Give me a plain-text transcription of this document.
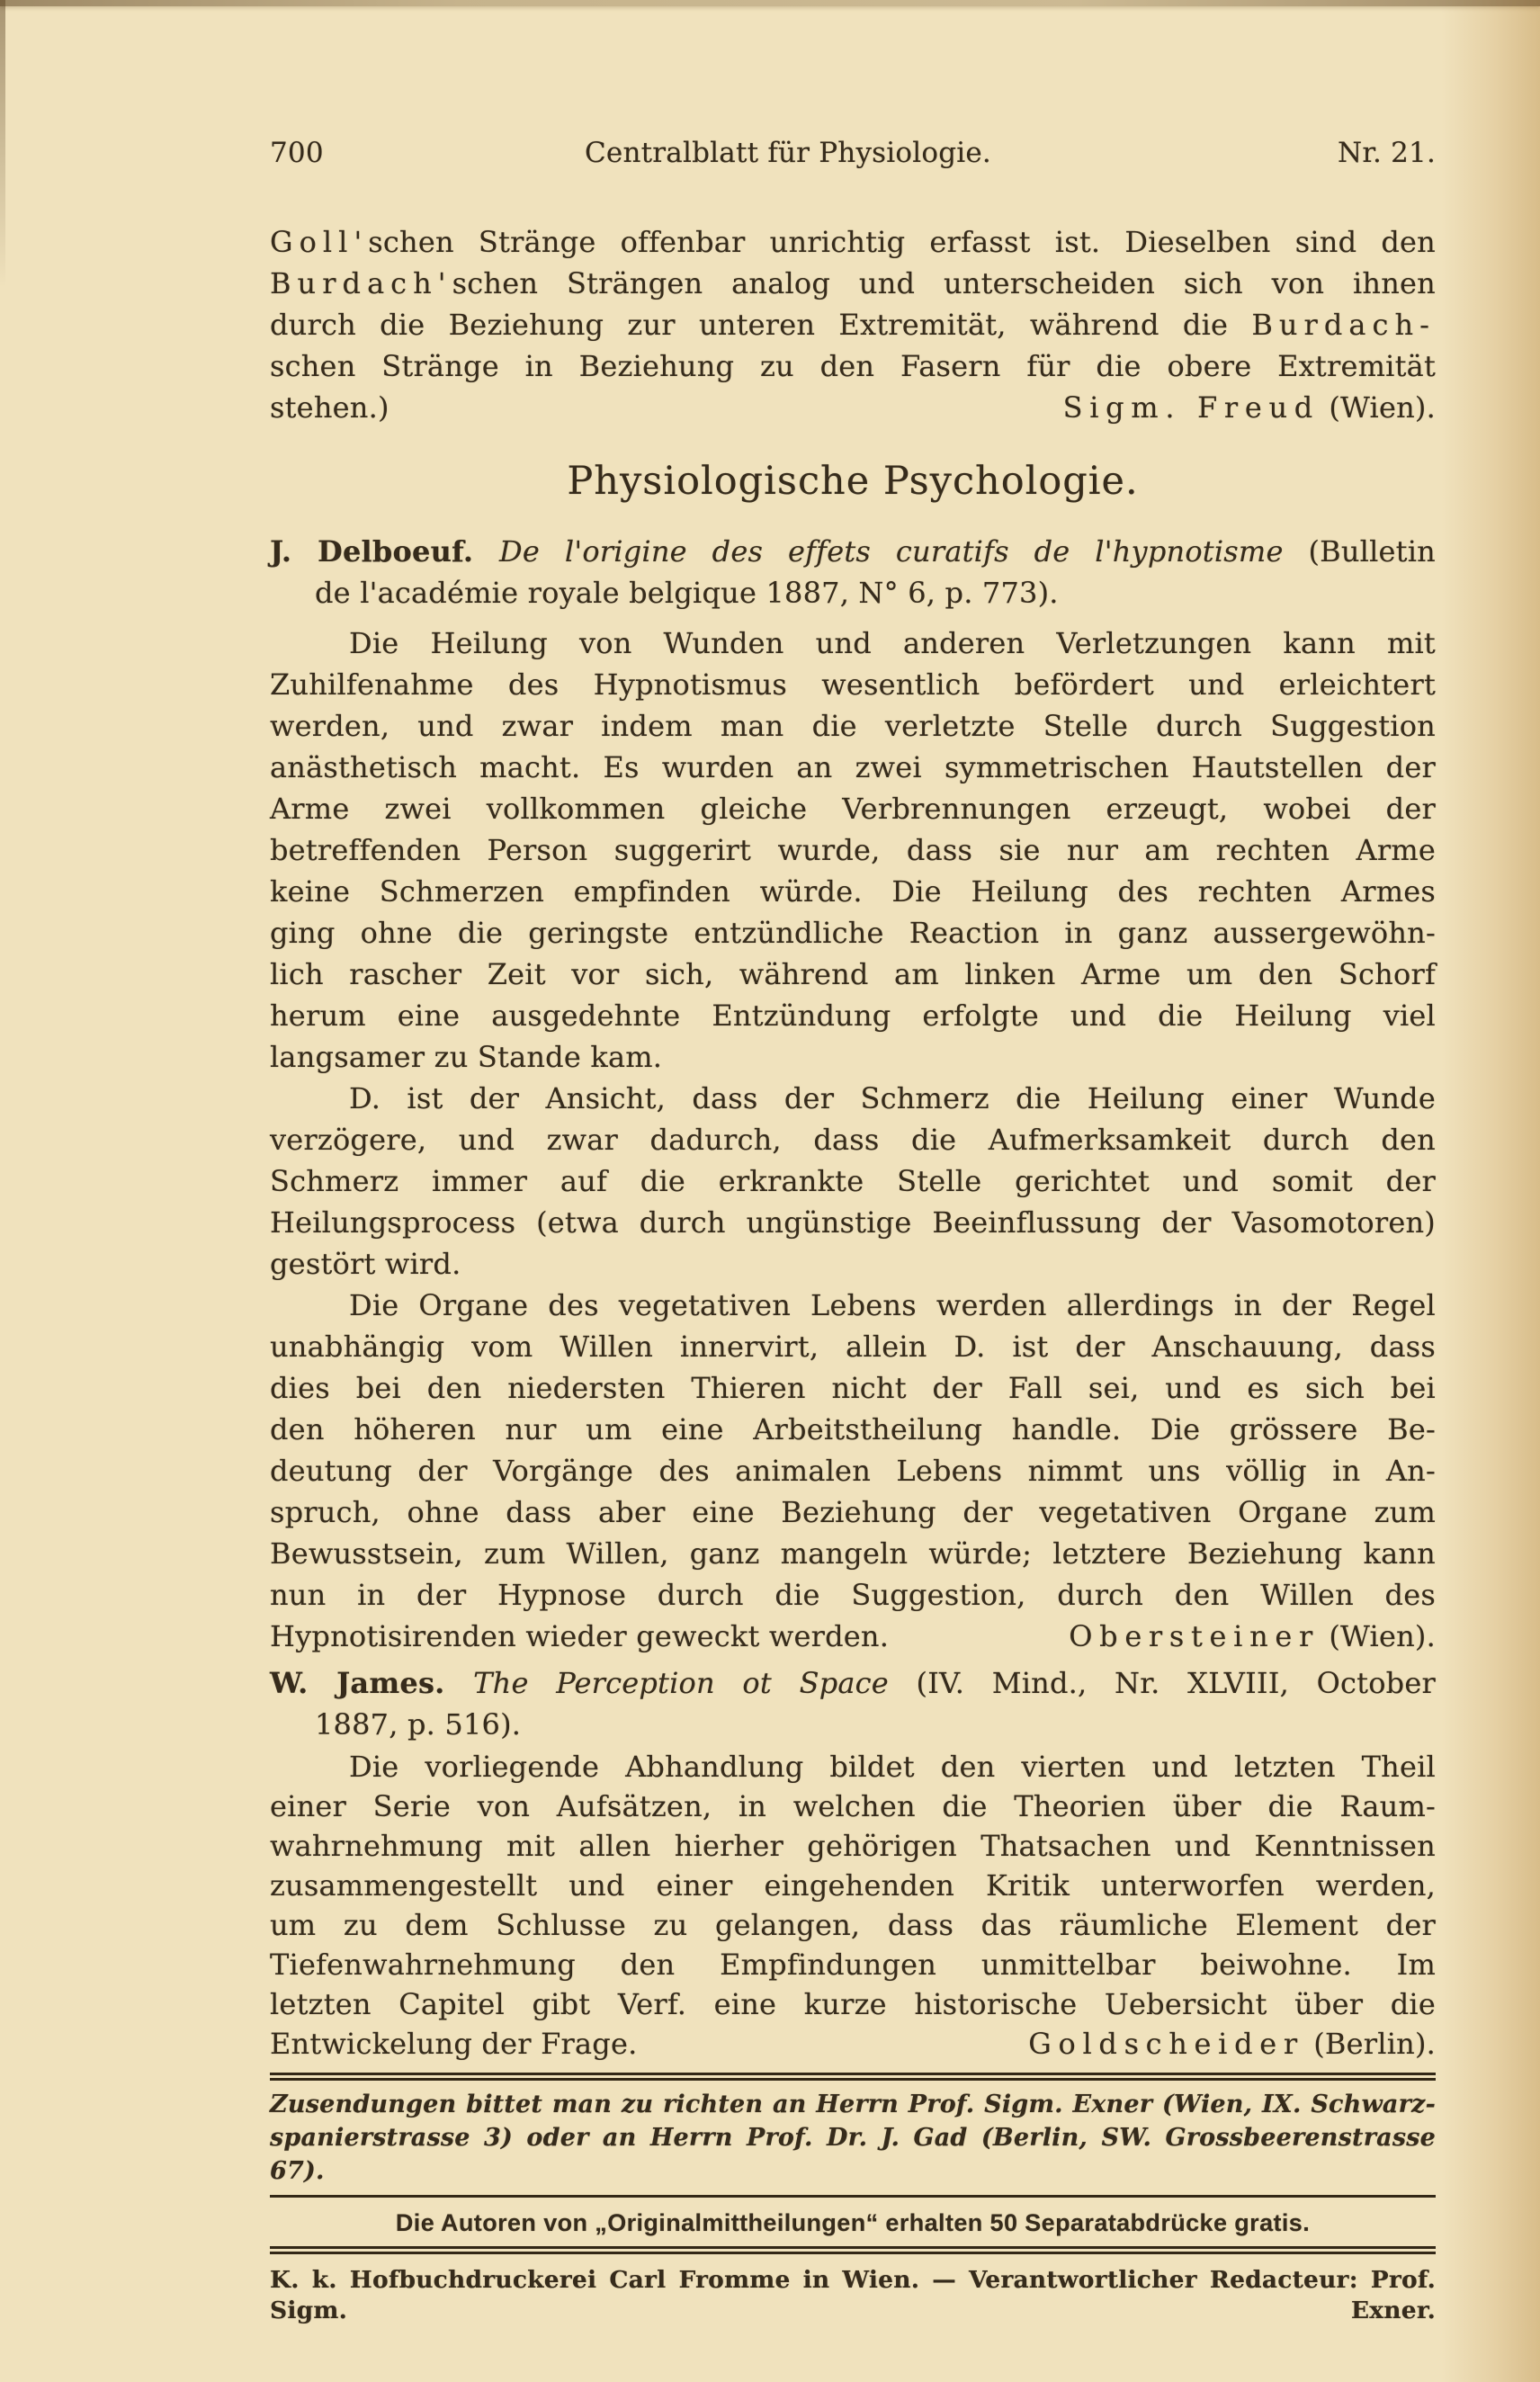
700	Centralblatt für Physiologie.	Nr. 21.
Goll'schen Stränge offenbar unrichtig erfasst ist. Dieselben sind den
Burdach'schen Strängen analog und unterscheiden sich von ihnen
durch die Beziehung zur unteren Extremität, während die Burdach-
schen Stränge in Beziehung zu den Fasern für die obere Extremität
stehen.)	Sigm. Freud (Wien).
Physiologische Psychologie.
J. Delboeuf. De l'origine des effets curatifs de l'hypnotisme (Bulletin
de l'académie royale belgique 1887, N° 6, p. 773).
Die Heilung von Wunden und anderen Verletzungen kann mit
Zuhilfenahme des Hypnotismus wesentlich befördert und erleichtert
werden, und zwar indem man die verletzte Stelle durch Suggestion
anästhetisch macht. Es wurden an zwei symmetrischen Hautstellen der
Arme zwei vollkommen gleiche Verbrennungen erzeugt, wobei der
betreffenden Person suggerirt wurde, dass sie nur am rechten Arme
keine Schmerzen empfinden würde. Die Heilung des rechten Armes
ging ohne die geringste entzündliche Reaction in ganz aussergewöhn-
lich rascher Zeit vor sich, während am linken Arme um den Schorf
herum eine ausgedehnte Entzündung erfolgte und die Heilung viel
langsamer zu Stande kam.
D. ist der Ansicht, dass der Schmerz die Heilung einer Wunde
verzögere, und zwar dadurch, dass die Aufmerksamkeit durch den
Schmerz immer auf die erkrankte Stelle gerichtet und somit der
Heilungsprocess (etwa durch ungünstige Beeinflussung der Vasomotoren)
gestört wird.
Die Organe des vegetativen Lebens werden allerdings in der Regel
unabhängig vom Willen innervirt, allein D. ist der Anschauung, dass
dies bei den niedersten Thieren nicht der Fall sei, und es sich bei
den höheren nur um eine Arbeitstheilung handle. Die grössere Be-
deutung der Vorgänge des animalen Lebens nimmt uns völlig in An-
spruch, ohne dass aber eine Beziehung der vegetativen Organe zum
Bewusstsein, zum Willen, ganz mangeln würde; letztere Beziehung kann
nun in der Hypnose durch die Suggestion, durch den Willen des
Hypnotisirenden wieder geweckt werden.	Obersteiner (Wien).
W. James. The Perception ot Space (IV. Mind., Nr. XLVIII, October
1887, p. 516).
Die vorliegende Abhandlung bildet den vierten und letzten Theil
einer Serie von Aufsätzen, in welchen die Theorien über die Raum-
wahrnehmung mit allen hierher gehörigen Thatsachen und Kenntnissen
zusammengestellt und einer eingehenden Kritik unterworfen werden,
um zu dem Schlusse zu gelangen, dass das räumliche Element der
Tiefenwahrnehmung den Empfindungen unmittelbar beiwohne. Im
letzten Capitel gibt Verf. eine kurze historische Uebersicht über die
Entwickelung der Frage.	Goldscheider (Berlin).
Zusendungen bittet man zu richten an Herrn Prof. Sigm. Exner (Wien, IX. Schwarz-
spanierstrasse 3) oder an Herrn Prof. Dr. J. Gad (Berlin, SW. Grossbeerenstrasse 67).
Die Autoren von „Originalmittheilungen“ erhalten 50 Separatabdrücke gratis.
K. k. Hofbuchdruckerei Carl Fromme in Wien. — Verantwortlicher Redacteur: Prof. Sigm. Exner.
